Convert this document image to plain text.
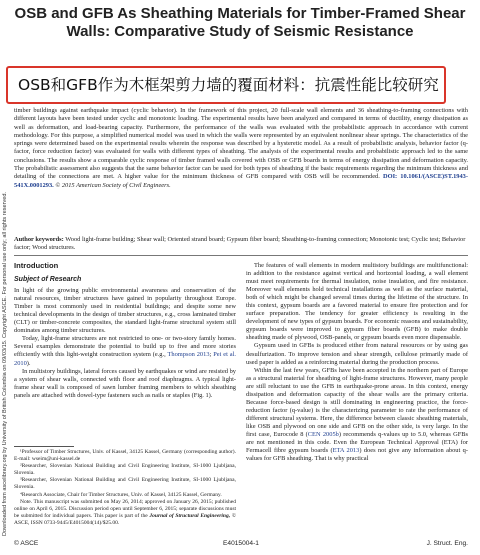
Downloaded from ascelibrary.org by University of British Columbia on 09/03/15. Copyright ASCE. For personal use only; all rights reserved.
OSB and GFB As Sheathing Materials for Timber-Framed Shear Walls: Comparative Study of Seismic Resistance
OSB和GFB作为木框架剪力墙的覆面材料：抗震性能比较研究
timber buildings against earthquake impact (cyclic behavior). In the framework of this project, 20 full-scale wall elements and 36 sheathing-to-framing connections with different layouts have been tested under cyclic and monotonic loading. The experimental results have been analyzed and compared in terms of ductility, energy dissipation as well as deformation, and load-bearing capacity. Furthermore, the performance of the walls was evaluated with the probabilistic approach in accordance with current methodology. For this purpose, a simplified numerical model was used in which the walls were represented by an equivalent nonlinear shear springs. The characteristics of the springs were determined based on the experimental results wherein the response was described by a hysteretic model. As a result of probabilistic analysis, behavior factor (q-factor, force reduction factor) was evaluated for walls with different types of sheathing. The analysis of the experimental results and probabilistic approach led to the same conclusions. The results show a comparable cyclic response of timber framed walls covered with OSB or GFB boards in terms of energy dissipation and deformation capacity. The probabilistic assessment also suggests that the same behavior factor can be used for both types of sheathing if the basic requirements regarding the minimum thickness and detailing of the connections are met. A higher value for the minimum thickness of GFB compared with OSB will be recommended. DOI: 10.1061/(ASCE)ST.1943-541X.0001293. © 2015 American Society of Civil Engineers.
Author keywords: Wood light-frame building; Shear wall; Oriented strand board; Gypsum fiber board; Sheathing-to-framing connection; Monotonic test; Cyclic test; Behavior factor; Wood structures.
Introduction
Subject of Research

In light of the growing public environmental awareness and conservation of the natural resources, timber structures have gained in popularity throughout Europe. Timber is most commonly used in residential buildings; and despite some new technical developments in the design of timber structures, e.g., cross laminated timber (CLT) or timber-concrete composites, the standard light-frame structural system still dominates among timber structures.

Today, light-frame structures are not restricted to one- or two-story family homes. Several examples demonstrate the potential to build up to five and more stories efficiently with this light-weight construction system (e.g., Thompson 2013; Pei et al. 2010).

In multistory buildings, lateral forces caused by earthquakes or wind are resisted by a system of shear walls, connected with floor and roof diaphragms. A typical light-frame shear wall is composed of sawn lumber framing members to which sheathing panels are attached with dowel-type fasteners such as nails or staples (Fig. 1).

¹Professor of Timber Structures, Univ. of Kassel, 34125 Kassel, Germany (corresponding author). E-mail: wseim@uni-kassel.de

²Researcher, Slovenian National Building and Civil Engineering Institute, SI-1000 Ljubljana, Slovenia.

³Researcher, Slovenian National Building and Civil Engineering Institute, SI-1000 Ljubljana, Slovenia.

⁴Research Associate, Chair for Timber Structures, Univ. of Kassel, 34125 Kassel, Germany.

Note. This manuscript was submitted on May 26, 2014; approved on January 26, 2015; published online on April 6, 2015. Discussion period open until September 6, 2015; separate discussions must be submitted for individual papers. This paper is part of the Journal of Structural Engineering, © ASCE, ISSN 0733-9445/E4015004(14)/$25.00.

The features of wall elements in modern multistory buildings are multifunctional: in addition to the resistance against vertical and horizontal loading, a wall element must meet requirements for thermal insulation, noise insulation, and fire resistance. Moreover wall elements hold technical installations as well as the surface material, both of which might be changed several times during the lifetime of the structure. In this context, gypsum boards are a favored material to ensure fire protection and for surface preparation. The tendency for greater efficiency is resulting in the development of new types of gypsum boards. For economic reasons and sustainability, gypsum boards were improved to gypsum fiber boards (GFB) to make double sheathing made of plywood, OSB-panels, or gypsum boards even more dispensable.

Gypsum used in GFBs is produced either from natural resources or by using gas desulfurization. To improve tension and shear strength, cellulose primarily made of used paper is added as a reinforcing material during the production process.

Within the last few years, GFBs have been accepted in the northern part of Europe as a structural material for sheathing of light-frame structures. However, many people are still reluctant to use the GFB in earthquake-prone areas. In this context, energy dissipation and deformation capacity of the shear walls are the primary criteria. Because force-based design is still dominating in engineering practice, the force-reduction factor (q-value) is the characterizing parameter to rate the performance of different structural systems. Here, the difference between classic sheathing materials, like OSB and plywood on one side and GFB on the other side, is very large. In the first case, Eurocode 8 (CEN 2005b) recommends q-values up to 5.0, whereas GFBs are not mentioned in this code. Even the European Technical Approval (ETA) for Fermacell fibre gypsum boards (ETA 2013) does not give any information about q-values for GFB sheathing. That is why practical

© ASCE	E4015004-1	J. Struct. Eng.
